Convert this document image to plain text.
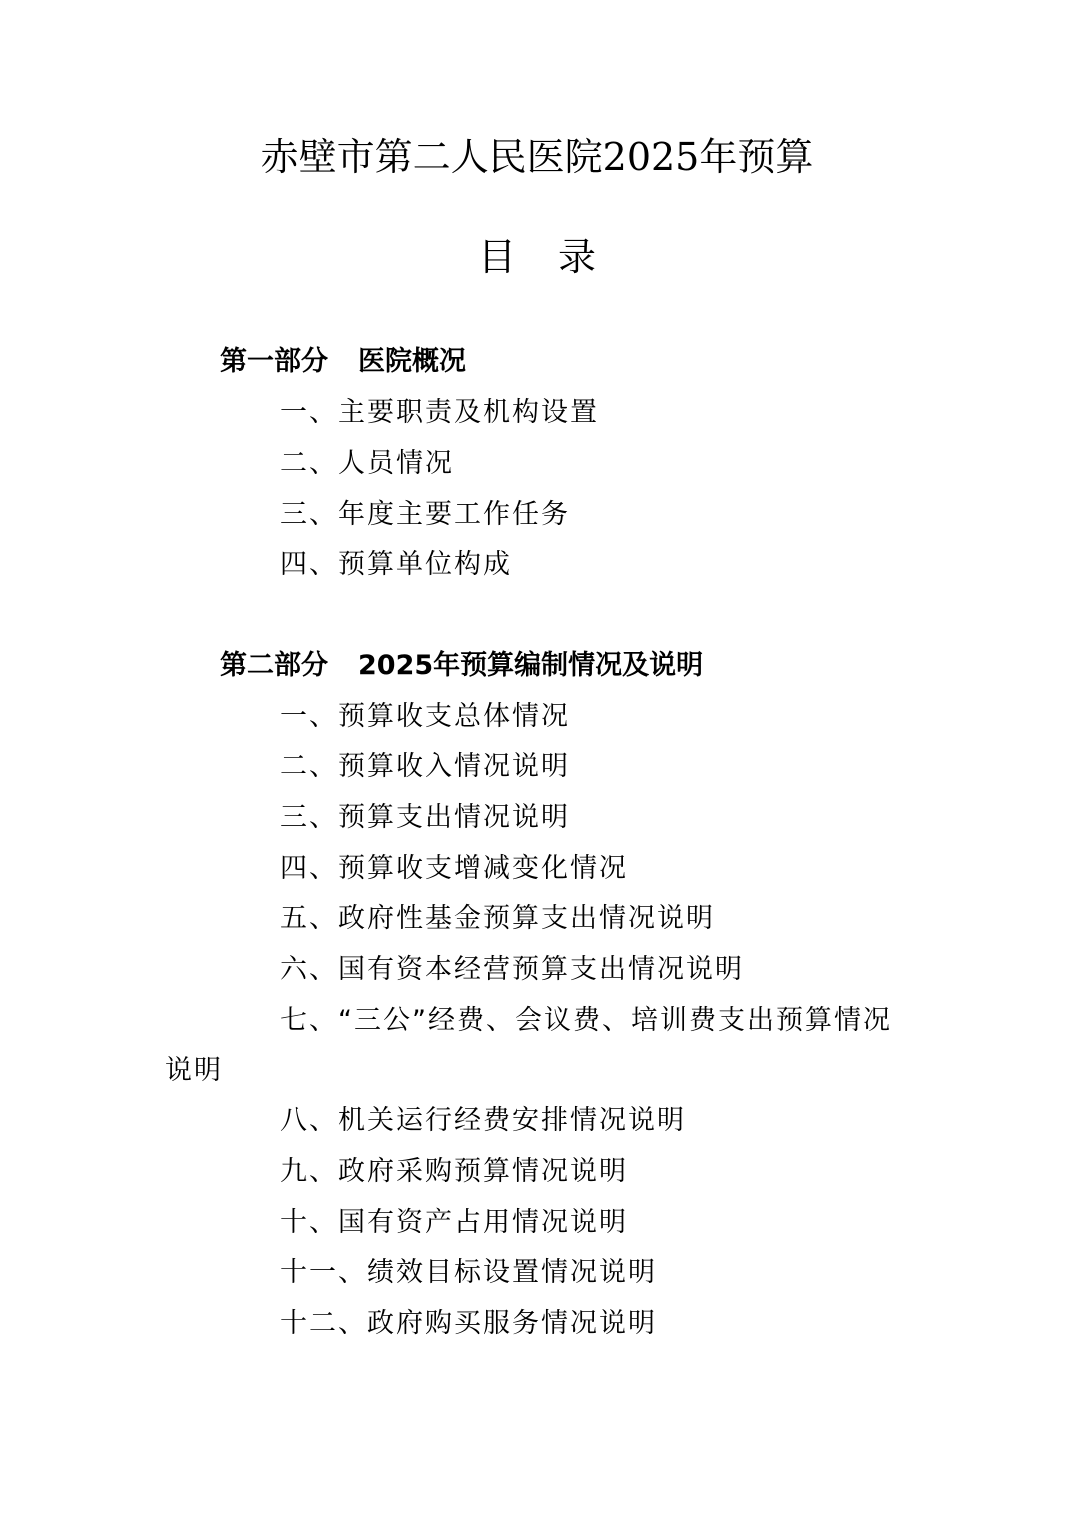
赤壁市第二人民医院2025年预算
目录
第一部分 医院概况
一、主要职责及机构设置
二、人员情况
三、年度主要工作任务
四、预算单位构成
第二部分 2025年预算编制情况及说明
一、预算收支总体情况
二、预算收入情况说明
三、预算支出情况说明
四、预算收支增减变化情况
五、政府性基金预算支出情况说明
六、国有资本经营预算支出情况说明
七、“三公”经费、会议费、培训费支出预算情况
说明
八、机关运行经费安排情况说明
九、政府采购预算情况说明
十、国有资产占用情况说明
十一、绩效目标设置情况说明
十二、政府购买服务情况说明
